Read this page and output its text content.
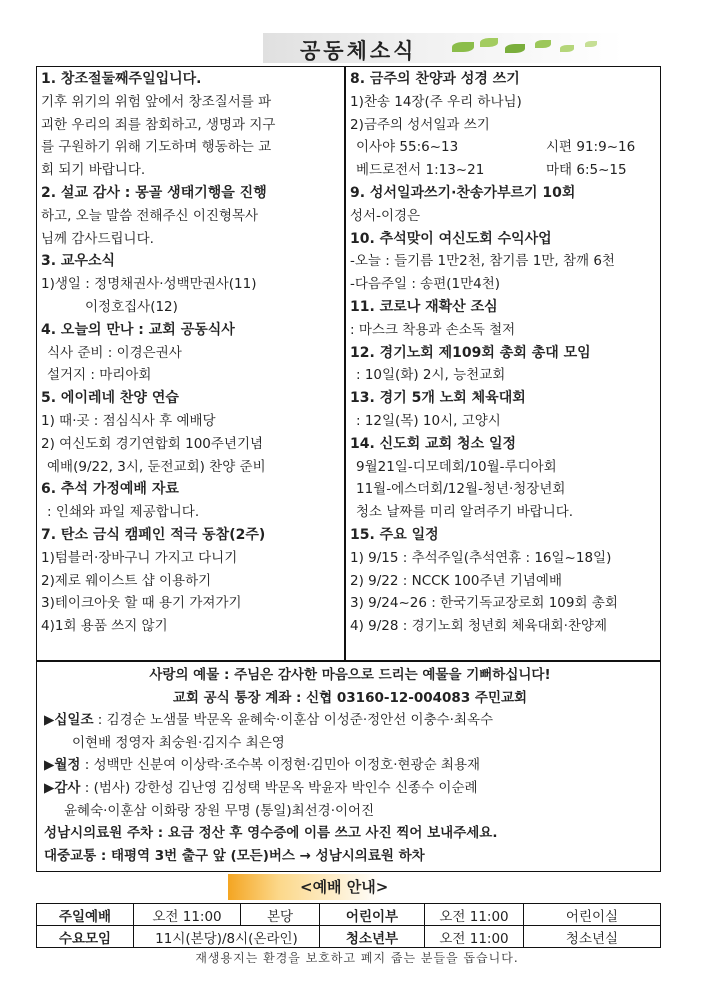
공동체소식
1. 창조절둘째주일입니다.
기후 위기의 위험 앞에서 창조질서를 파
괴한 우리의 죄를 참회하고, 생명과 지구
를 구원하기 위해 기도하며 행동하는 교
회 되기 바랍니다.
2. 설교 감사 : 몽골 생태기행을 진행
하고, 오늘 말씀 전해주신 이진형목사
님께 감사드립니다.
3. 교우소식
1)생일 : 정명채권사·성백만권사(11)
이정호집사(12)
4. 오늘의 만나 : 교회 공동식사
식사 준비 : 이경은권사
설거지 : 마리아회
5. 에이레네 찬양 연습
1) 때·곳 : 점심식사 후 예배당
2) 여신도회 경기연합회 100주년기념
예배(9/22, 3시, 둔전교회) 찬양 준비
6. 추석 가정예배 자료
: 인쇄와 파일 제공합니다.
7. 탄소 금식 캠페인 적극 동참(2주)
1)텀블러·장바구니 가지고 다니기
2)제로 웨이스트 샵 이용하기
3)테이크아웃 할 때 용기 가져가기
4)1회 용품 쓰지 않기
8. 금주의 찬양과 성경 쓰기
1)찬송 14장(주 우리 하나님)
2)금주의 성서일과 쓰기
이사야 55:6~13	시편 91:9~16
베드로전서 1:13~21	마태 6:5~15
9. 성서일과쓰기·찬송가부르기 10회
성서-이경은
10. 추석맞이 여신도회 수익사업
-오늘 : 들기름 1만2천, 참기름 1만, 참깨 6천
-다음주일 : 송편(1만4천)
11. 코로나 재확산 조심
: 마스크 착용과 손소독 철저
12. 경기노회 제109회 총회 총대 모임
: 10일(화) 2시, 능천교회
13. 경기 5개 노회 체육대회
: 12일(목) 10시, 고양시
14. 신도회 교회 청소 일정
9월21일-디모데회/10월-루디아회
11월-에스더회/12월-청년·청장년회
청소 날짜를 미리 알려주기 바랍니다.
15. 주요 일정
1) 9/15 : 추석주일(추석연휴 : 16일~18일)
2) 9/22 : NCCK 100주년 기념예배
3) 9/24~26 : 한국기독교장로회 109회 총회
4) 9/28 : 경기노회 청년회 체육대회·찬양제
사랑의 예물 : 주님은 감사한 마음으로 드리는 예물을 기뻐하십니다!
교회 공식 통장 계좌 : 신협 03160-12-004083 주민교회
▶십일조 : 김경순 노샘물 박문옥 윤혜숙·이훈삼 이성준·정안선 이충수·최옥수
이현배 정영자 최숭원·김지수 최은영
▶월정 : 성백만 신분여 이상락·조수복 이정현·김민아 이정호·현광순 최용재
▶감사 : (범사) 강한성 김난영 김성택 박문옥 박윤자 박인수 신종수 이순례
윤혜숙·이훈삼 이화랑 장원 무명 (통일)최선경·이어진
성남시의료원 주차 : 요금 정산 후 영수증에 이름 쓰고 사진 찍어 보내주세요.
대중교통 : 태평역 3번 출구 앞 (모든)버스 → 성남시의료원 하차
<예배 안내>
주일예배	오전 11:00	본당	어린이부	오전 11:00	어린이실
수요모임	11시(본당)/8시(온라인)		청소년부	오전 11:00	청소년실
재생용지는 환경을 보호하고 폐지 줍는 분들을 돕습니다.
